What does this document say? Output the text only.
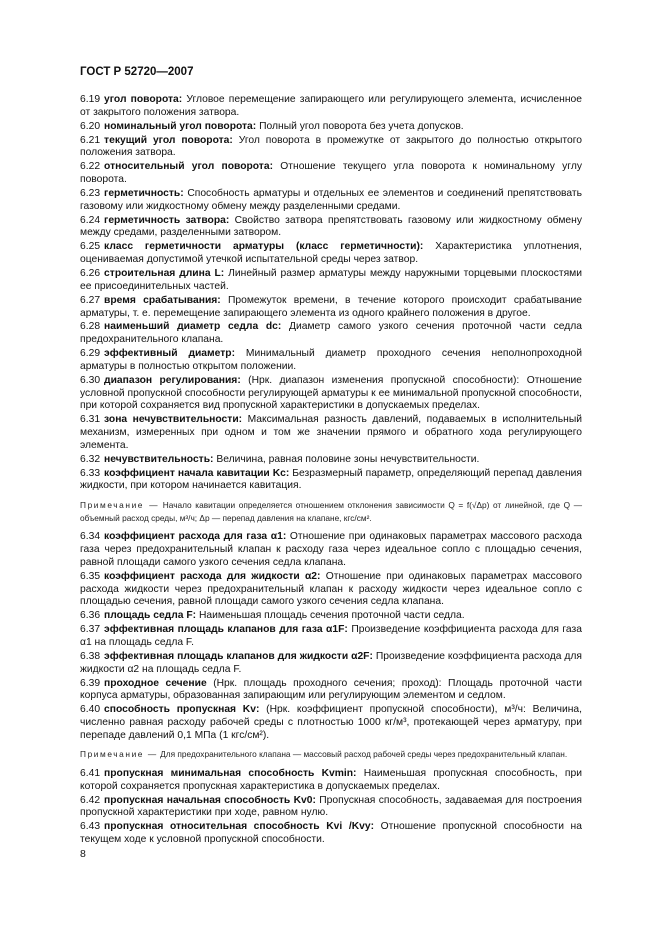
ГОСТ Р 52720—2007
6.19 угол поворота: Угловое перемещение запирающего или регулирующего элемента, исчисленное от закрытого положения затвора.
6.20 номинальный угол поворота: Полный угол поворота без учета допусков.
6.21 текущий угол поворота: Угол поворота в промежутке от закрытого до полностью открытого положения затвора.
6.22 относительный угол поворота: Отношение текущего угла поворота к номинальному углу поворота.
6.23 герметичность: Способность арматуры и отдельных ее элементов и соединений препятствовать газовому или жидкостному обмену между разделенными средами.
6.24 герметичность затвора: Свойство затвора препятствовать газовому или жидкостному обмену между средами, разделенными затвором.
6.25 класс герметичности арматуры (класс герметичности): Характеристика уплотнения, оцениваемая допустимой утечкой испытательной среды через затвор.
6.26 строительная длина L: Линейный размер арматуры между наружными торцевыми плоскостями ее присоединительных частей.
6.27 время срабатывания: Промежуток времени, в течение которого происходит срабатывание арматуры, т. е. перемещение запирающего элемента из одного крайнего положения в другое.
6.28 наименьший диаметр седла dс: Диаметр самого узкого сечения проточной части седла предохранительного клапана.
6.29 эффективный диаметр: Минимальный диаметр проходного сечения неполнопроходной арматуры в полностью открытом положении.
6.30 диапазон регулирования: (Нрк. диапазон изменения пропускной способности): Отношение условной пропускной способности регулирующей арматуры к ее минимальной пропускной способности, при которой сохраняется вид пропускной характеристики в допускаемых пределах.
6.31 зона нечувствительности: Максимальная разность давлений, подаваемых в исполнительный механизм, измеренных при одном и том же значении прямого и обратного хода регулирующего элемента.
6.32 нечувствительность: Величина, равная половине зоны нечувствительности.
6.33 коэффициент начала кавитации Kс: Безразмерный параметр, определяющий перепад давления жидкости, при котором начинается кавитация.
Примечание — Начало кавитации определяется отношением отклонения зависимости Q = f(√Δp) от линейной, где Q — объемный расход среды, м³/ч; Δp — перепад давления на клапане, кгс/см².
6.34 коэффициент расхода для газа α1: Отношение при одинаковых параметрах массового расхода газа через предохранительный клапан к расходу газа через идеальное сопло с площадью сечения, равной площади самого узкого сечения седла клапана.
6.35 коэффициент расхода для жидкости α2: Отношение при одинаковых параметрах массового расхода жидкости через предохранительный клапан к расходу жидкости через идеальное сопло с площадью сечения, равной площади самого узкого сечения седла клапана.
6.36 площадь седла F: Наименьшая площадь сечения проточной части седла.
6.37 эффективная площадь клапанов для газа α1F: Произведение коэффициента расхода для газа α1 на площадь седла F.
6.38 эффективная площадь клапанов для жидкости α2F: Произведение коэффициента расхода для жидкости α2 на площадь седла F.
6.39 проходное сечение (Нрк. площадь проходного сечения; проход): Площадь проточной части корпуса арматуры, образованная запирающим или регулирующим элементом и седлом.
6.40 способность пропускная Kv: (Нрк. коэффициент пропускной способности), м³/ч: Величина, численно равная расходу рабочей среды с плотностью 1000 кг/м³, протекающей через арматуру, при перепаде давлений 0,1 МПа (1 кгс/см²).
Примечание — Для предохранительного клапана — массовый расход рабочей среды через предохранительный клапан.
6.41 пропускная минимальная способность Kvmin: Наименьшая пропускная способность, при которой сохраняется пропускная характеристика в допускаемых пределах.
6.42 пропускная начальная способность Kv0: Пропускная способность, задаваемая для построения пропускной характеристики при ходе, равном нулю.
6.43 пропускная относительная способность Kvi /Kvy: Отношение пропускной способности на текущем ходе к условной пропускной способности.
8
